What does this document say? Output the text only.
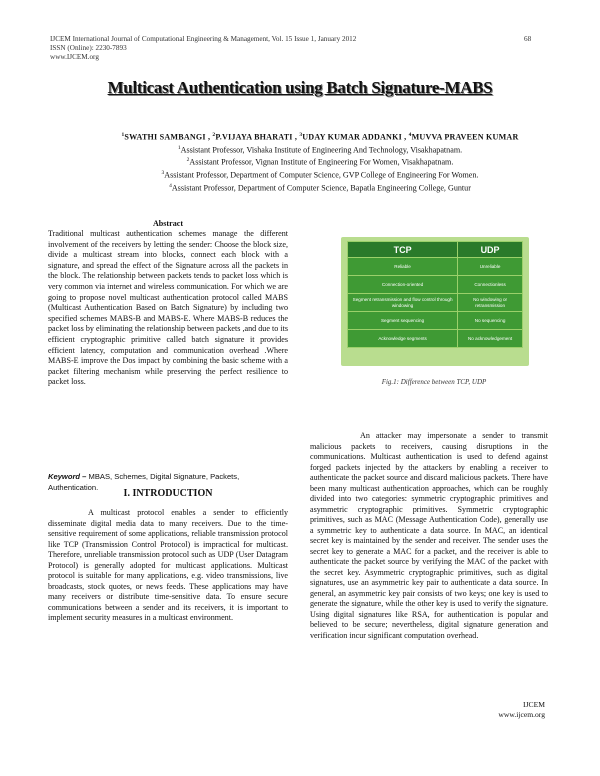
IJCEM International Journal of Computational Engineering & Management, Vol. 15 Issue 1, January 2012
ISSN (Online): 2230-7893
www.IJCEM.org
68
Multicast Authentication using Batch Signature-MABS
$^1$SWATHI SAMBANGI , $^2$P.VIJAYA BHARATI , $^3$UDAY KUMAR ADDANKI , $^4$MUVVA PRAVEEN KUMAR
$^1$Assistant Professor, Vishaka Institute of Engineering And Technology, Visakhapatnam.
$^2$Assistant Professor, Vignan Institute of Engineering For Women, Visakhapatnam.
$^3$Assistant Professor, Department of Computer Science, GVP College of Engineering For Women.
$^4$Assistant Professor, Department of Computer Science, Bapatla Engineering College, Guntur
Abstract
Traditional multicast authentication schemes manage the different involvement of the receivers by letting the sender: Choose the block size, divide a multicast stream into blocks, connect each block with a signature, and spread the effect of the Signature across all the packets in the block. The relationship between packets tends to packet loss which is very common via internet and wireless communication. For which we are going to propose novel multicast authentication protocol called MABS (Multicast Authentication Based on Batch Signature) by including two specified schemes MABS-B and MABS-E. Where MABS-B reduces the packet loss by eliminating the relationship between packets ,and due to its efficient cryptographic primitive called batch signature it provides efficient latency, computation and communication overhead .Where MABS-E improve the Dos impact by combining the basic scheme with a packet filtering mechanism while preserving the perfect resilience to packet loss.
Keyword – MBAS, Schemes, Digital Signature, Packets, Authentication.
I. INTRODUCTION
A multicast protocol enables a sender to efficiently disseminate digital media data to many receivers. Due to the time-sensitive requirement of some applications, reliable transmission protocol like TCP (Transmission Control Protocol) is impractical for multicast. Therefore, unreliable transmission protocol such as UDP (User Datagram Protocol) is generally adopted for multicast applications. Multicast protocol is suitable for many applications, e.g. video transmissions, live broadcasts, stock quotes, or news feeds. These applications may have many receivers or distribute time-sensitive data. To ensure secure communications between a sender and its receivers, it is important to implement security measures in a multicast environment.
TCP	UDP
Reliable	Unreliable
Connection-oriented	Connectionless
Segment retransmission and flow control through windowing	No windowing or retransmission
Segment sequencing	No sequencing
Acknowledge segments	No acknowledgement
Fig.1: Difference between TCP, UDP
An attacker may impersonate a sender to transmit malicious packets to receivers, causing disruptions in the communications. Multicast authentication is used to defend against forged packets injected by the attackers by enabling a receiver to authenticate the packet source and discard malicious packets. There have been many multicast authentication approaches, which can be roughly divided into two categories: symmetric cryptographic primitives and asymmetric cryptographic primitives. Symmetric cryptographic primitives, such as MAC (Message Authentication Code), generally use a symmetric key to authenticate a data source. In MAC, an identical secret key is maintained by the sender and receiver. The sender uses the secret key to generate a MAC for a packet, and the receiver is able to authenticate the packet source by verifying the MAC of the packet with the secret key. Asymmetric cryptographic primitives, such as digital signatures, use an asymmetric key pair to authenticate a data source. In general, an asymmetric key pair consists of two keys; one key is used to generate the signature, while the other key is used to verify the signature. Using digital signatures like RSA, for authentication is popular and believed to be secure; nevertheless, digital signature generation and verification incur significant computation overhead.
IJCEM
www.ijcem.org
